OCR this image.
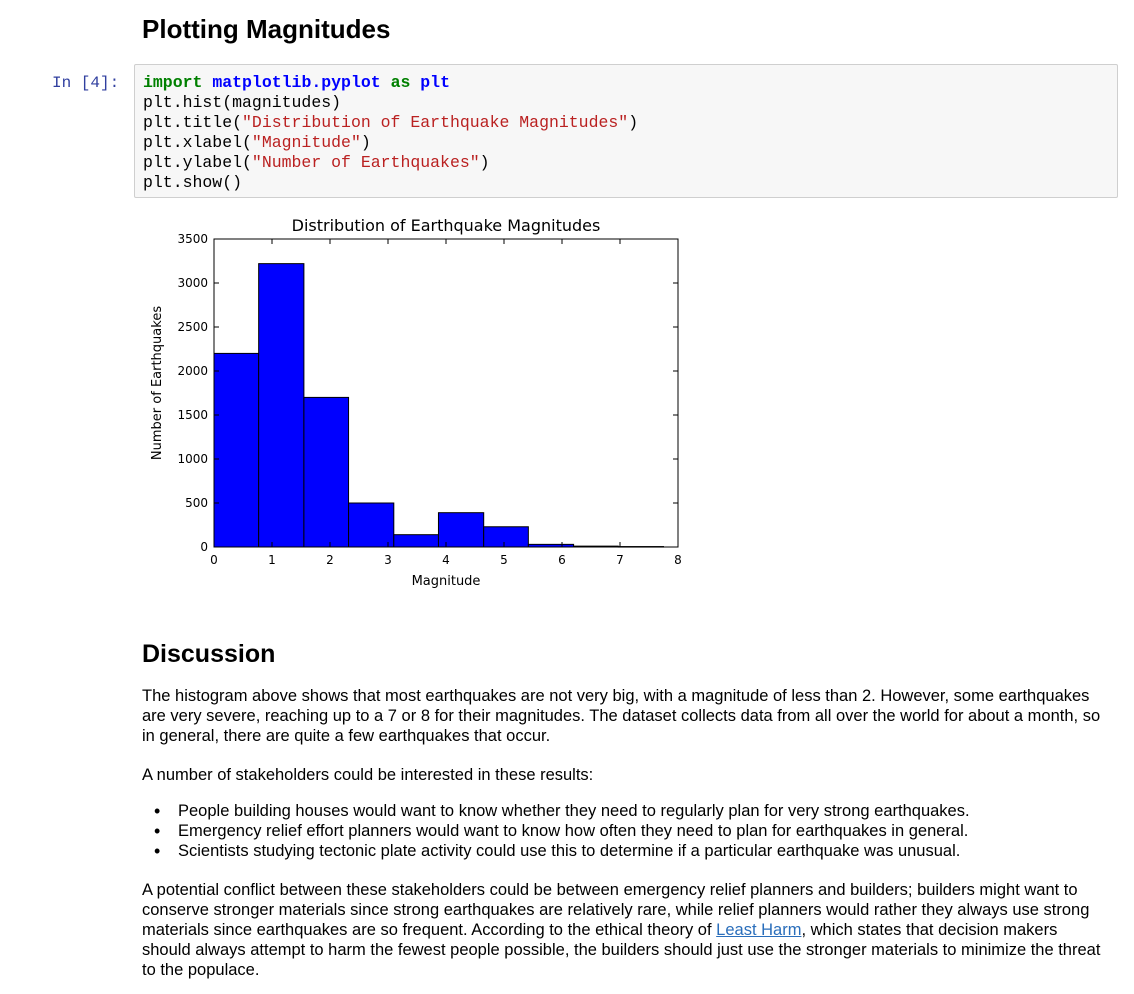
Plotting Magnitudes
In [4]: import matplotlib.pyplot as plt
plt.hist(magnitudes)
plt.title("Distribution of Earthquake Magnitudes")
plt.xlabel("Magnitude")
plt.ylabel("Number of Earthquakes")
plt.show()
Distribution of Earthquake Magnitudes
Number of Earthquakes
Magnitude
0	1	2	3	4	5	6	7	8
0
500
1000
1500
2000
2500
3000
3500
Discussion

The histogram above shows that most earthquakes are not very big, with a magnitude of less than 2. However, some earthquakes are very severe, reaching up to a 7 or 8 for their magnitudes. The dataset collects data from all over the world for about a month, so in general, there are quite a few earthquakes that occur.

A number of stakeholders could be interested in these results:

• People building houses would want to know whether they need to regularly plan for very strong earthquakes.
• Emergency relief effort planners would want to know how often they need to plan for earthquakes in general.
• Scientists studying tectonic plate activity could use this to determine if a particular earthquake was unusual.

A potential conflict between these stakeholders could be between emergency relief planners and builders; builders might want to conserve stronger materials since strong earthquakes are relatively rare, while relief planners would rather they always use strong materials since earthquakes are so frequent. According to the ethical theory of Least Harm, which states that decision makers should always attempt to harm the fewest people possible, the builders should just use the stronger materials to minimize the threat to the populace.
